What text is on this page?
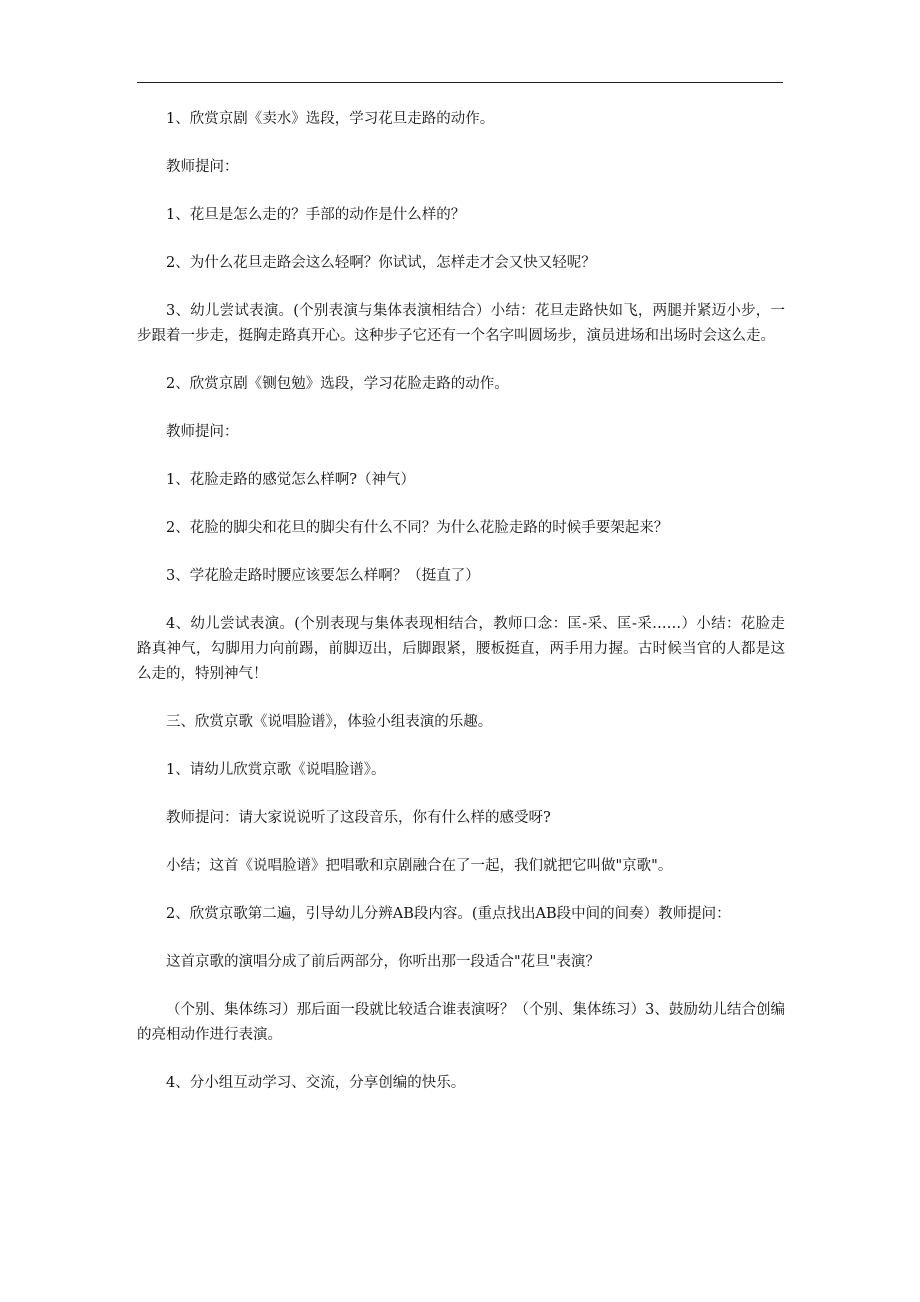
1、欣赏京剧《卖水》选段，学习花旦走路的动作。

教师提问：

1、花旦是怎么走的？手部的动作是什么样的？

2、为什么花旦走路会这么轻啊？你试试，怎样走才会又快又轻呢？

3、幼儿尝试表演。(个别表演与集体表演相结合）小结：花旦走路快如飞，两腿并紧迈小步，一步跟着一步走，挺胸走路真开心。这种步子它还有一个名字叫圆场步，演员进场和出场时会这么走。

2、欣赏京剧《铡包勉》选段，学习花脸走路的动作。

教师提问：

1、花脸走路的感觉怎么样啊?（神气）

2、花脸的脚尖和花旦的脚尖有什么不同？为什么花脸走路的时候手要架起来？

3、学花脸走路时腰应该要怎么样啊？（挺直了）

4、幼儿尝试表演。(个别表现与集体表现相结合，教师口念：匡-采、匡-采……）小结：花脸走路真神气，勾脚用力向前踢，前脚迈出，后脚跟紧，腰板挺直，两手用力握。古时候当官的人都是这么走的，特别神气！

三、欣赏京歌《说唱脸谱》，体验小组表演的乐趣。

1、请幼儿欣赏京歌《说唱脸谱》。

教师提问：请大家说说听了这段音乐，你有什么样的感受呀?

小结；这首《说唱脸谱》把唱歌和京剧融合在了一起，我们就把它叫做"京歌"。

2、欣赏京歌第二遍，引导幼儿分辨AB段内容。(重点找出AB段中间的间奏）教师提问：

这首京歌的演唱分成了前后两部分，你听出那一段适合"花旦"表演？

（个别、集体练习）那后面一段就比较适合谁表演呀？（个别、集体练习）3、鼓励幼儿结合创编的亮相动作进行表演。

4、分小组互动学习、交流，分享创编的快乐。
